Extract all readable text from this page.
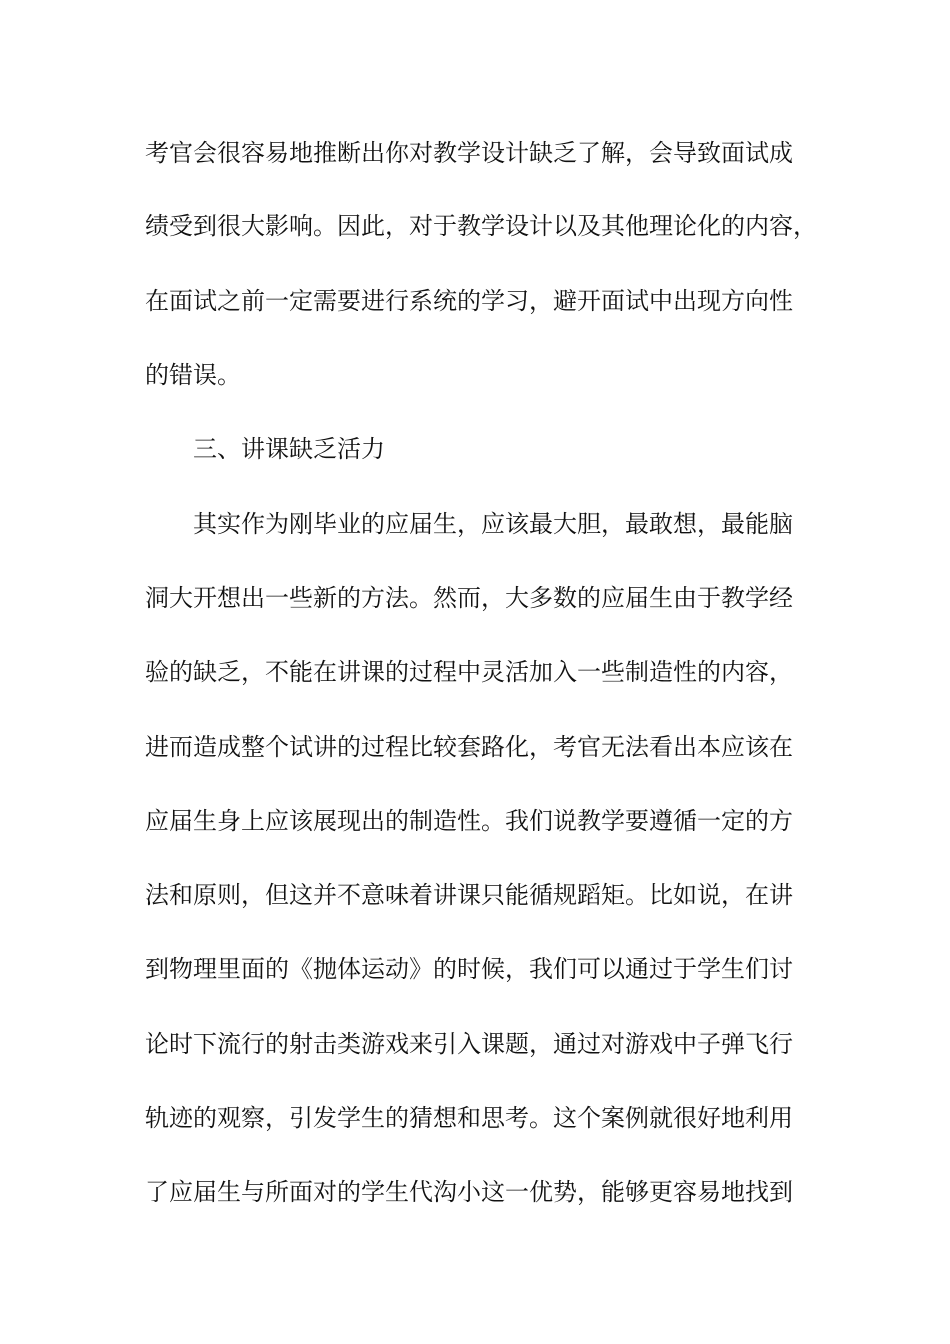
考官会很容易地推断出你对教学设计缺乏了解，会导致面试成

绩受到很大影响。因此，对于教学设计以及其他理论化的内容，

在面试之前一定需要进行系统的学习，避开面试中出现方向性

的错误。

三、讲课缺乏活力

其实作为刚毕业的应届生，应该最大胆，最敢想，最能脑

洞大开想出一些新的方法。然而，大多数的应届生由于教学经

验的缺乏，不能在讲课的过程中灵活加入一些制造性的内容，

进而造成整个试讲的过程比较套路化，考官无法看出本应该在

应届生身上应该展现出的制造性。我们说教学要遵循一定的方

法和原则，但这并不意味着讲课只能循规蹈矩。比如说，在讲

到物理里面的《抛体运动》的时候，我们可以通过于学生们讨

论时下流行的射击类游戏来引入课题，通过对游戏中子弹飞行

轨迹的观察，引发学生的猜想和思考。这个案例就很好地利用

了应届生与所面对的学生代沟小这一优势，能够更容易地找到
